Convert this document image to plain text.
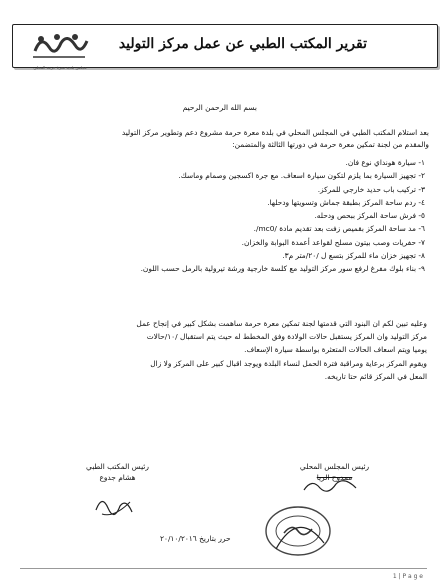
تقرير المكتب الطبي عن عمل مركز التوليد
مجلس بلدية معرة حرمة المحلي
بسم الله الرحمن الرحيم
بعد استلام المكتب الطبي في المجلس المحلي في بلدة معرة حرمة مشروع دعم وتطوير مركز التوليد
والمقدم من لجنة تمكين معرة حرمة في دورتها الثالثة والمتضمن:
١- سيارة هونداي نوع فان.
٢- تجهيز السيارة بما يلزم لتكون سيارة اسعاف. مع جرة اكسجين وصمام وماسك.
٣- تركيب باب حديد خارجي للمركز.
٤- ردم ساحة المركز بطبقة جماش وتسويتها ودحلها.
٥- فرش ساحة المركز ببحص ودحله.
٦- مد ساحة المركز بقميص زفت بعد تقديم مادة /mc0/.
٧- حفريات وصب بيتون مسلح لقواعد أعمدة البوابة والخزان.
٨- تجهيز خزان ماء للمركز بتسع ل /٢٠/متر م٣.
٩- بناء بلوك مفرغ لرفع سور مركز التوليد مع كلسة خارجية ورشة تيرولية بالرمل حسب اللون.
وعليه تبين لكم ان البنود التي قدمتها لجنة تمكين معرة حرمة ساهمت بشكل كبير في إنجاح عمل
مركز التوليد وان المركز يستقبل حالات الولادة وفق المخطط له حيث يتم استقبال /١٠/حالات
يوميا ويتم اسعاف الحالات المتعثرة بواسطة سيارة الإسعاف.
ويقوم المركز برعاية ومراقبة فترة الحمل لنساء البلدة ويوجد اقبال كبير على المركز ولا زال
المعل في المركز قائم حتا تاريخه.
رئيس المكتب الطبي
هشام جدوع
رئيس المجلس المحلي
ممدوح الريا
حرر بتاريخ ٢٠/١٠/٢٠١٦
1 | P a g e
